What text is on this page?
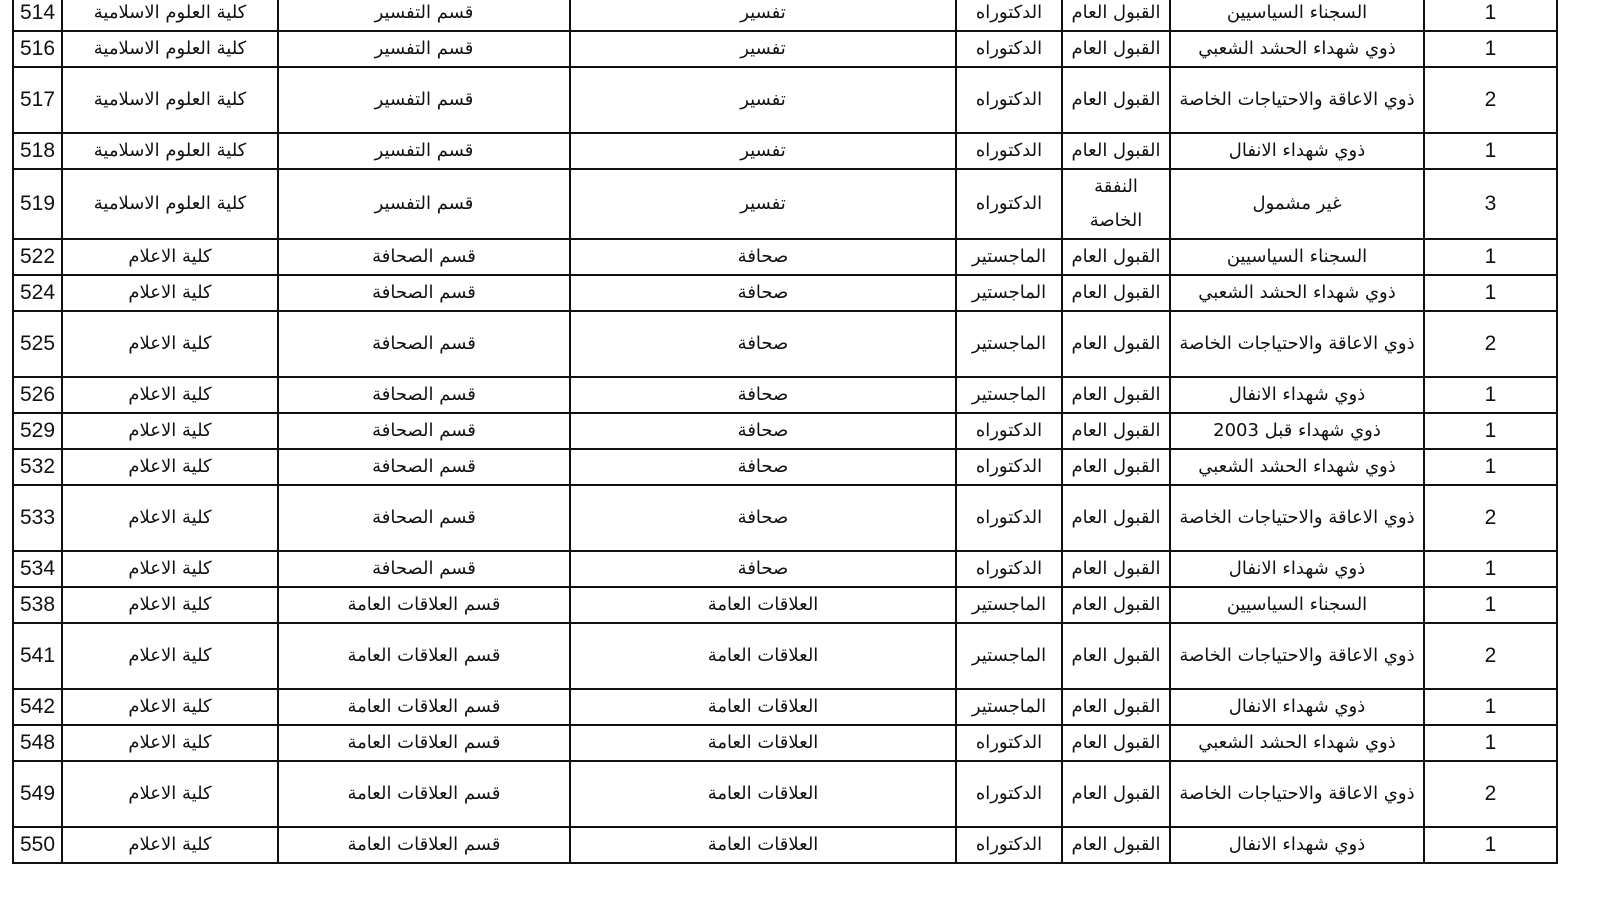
514	كلية العلوم الاسلامية	قسم التفسير	تفسير	الدكتوراه	القبول العام	السجناء السياسيين	1	
516	كلية العلوم الاسلامية	قسم التفسير	تفسير	الدكتوراه	القبول العام	ذوي شهداء الحشد الشعبي	1	
517	كلية العلوم الاسلامية	قسم التفسير	تفسير	الدكتوراه	القبول العام	ذوي الاعاقة والاحتياجات الخاصة	2	
518	كلية العلوم الاسلامية	قسم التفسير	تفسير	الدكتوراه	القبول العام	ذوي شهداء الانفال	1	
519	كلية العلوم الاسلامية	قسم التفسير	تفسير	الدكتوراه	النفقة الخاصة	غير مشمول	3	
522	كلية الاعلام	قسم الصحافة	صحافة	الماجستير	القبول العام	السجناء السياسيين	1	
524	كلية الاعلام	قسم الصحافة	صحافة	الماجستير	القبول العام	ذوي شهداء الحشد الشعبي	1	
525	كلية الاعلام	قسم الصحافة	صحافة	الماجستير	القبول العام	ذوي الاعاقة والاحتياجات الخاصة	2	
526	كلية الاعلام	قسم الصحافة	صحافة	الماجستير	القبول العام	ذوي شهداء الانفال	1	
529	كلية الاعلام	قسم الصحافة	صحافة	الدكتوراه	القبول العام	ذوي شهداء قبل 2003	1	
532	كلية الاعلام	قسم الصحافة	صحافة	الدكتوراه	القبول العام	ذوي شهداء الحشد الشعبي	1	
533	كلية الاعلام	قسم الصحافة	صحافة	الدكتوراه	القبول العام	ذوي الاعاقة والاحتياجات الخاصة	2	
534	كلية الاعلام	قسم الصحافة	صحافة	الدكتوراه	القبول العام	ذوي شهداء الانفال	1	
538	كلية الاعلام	قسم العلاقات العامة	العلاقات العامة	الماجستير	القبول العام	السجناء السياسيين	1	
541	كلية الاعلام	قسم العلاقات العامة	العلاقات العامة	الماجستير	القبول العام	ذوي الاعاقة والاحتياجات الخاصة	2	
542	كلية الاعلام	قسم العلاقات العامة	العلاقات العامة	الماجستير	القبول العام	ذوي شهداء الانفال	1	
548	كلية الاعلام	قسم العلاقات العامة	العلاقات العامة	الدكتوراه	القبول العام	ذوي شهداء الحشد الشعبي	1	
549	كلية الاعلام	قسم العلاقات العامة	العلاقات العامة	الدكتوراه	القبول العام	ذوي الاعاقة والاحتياجات الخاصة	2	
550	كلية الاعلام	قسم العلاقات العامة	العلاقات العامة	الدكتوراه	القبول العام	ذوي شهداء الانفال	1	
